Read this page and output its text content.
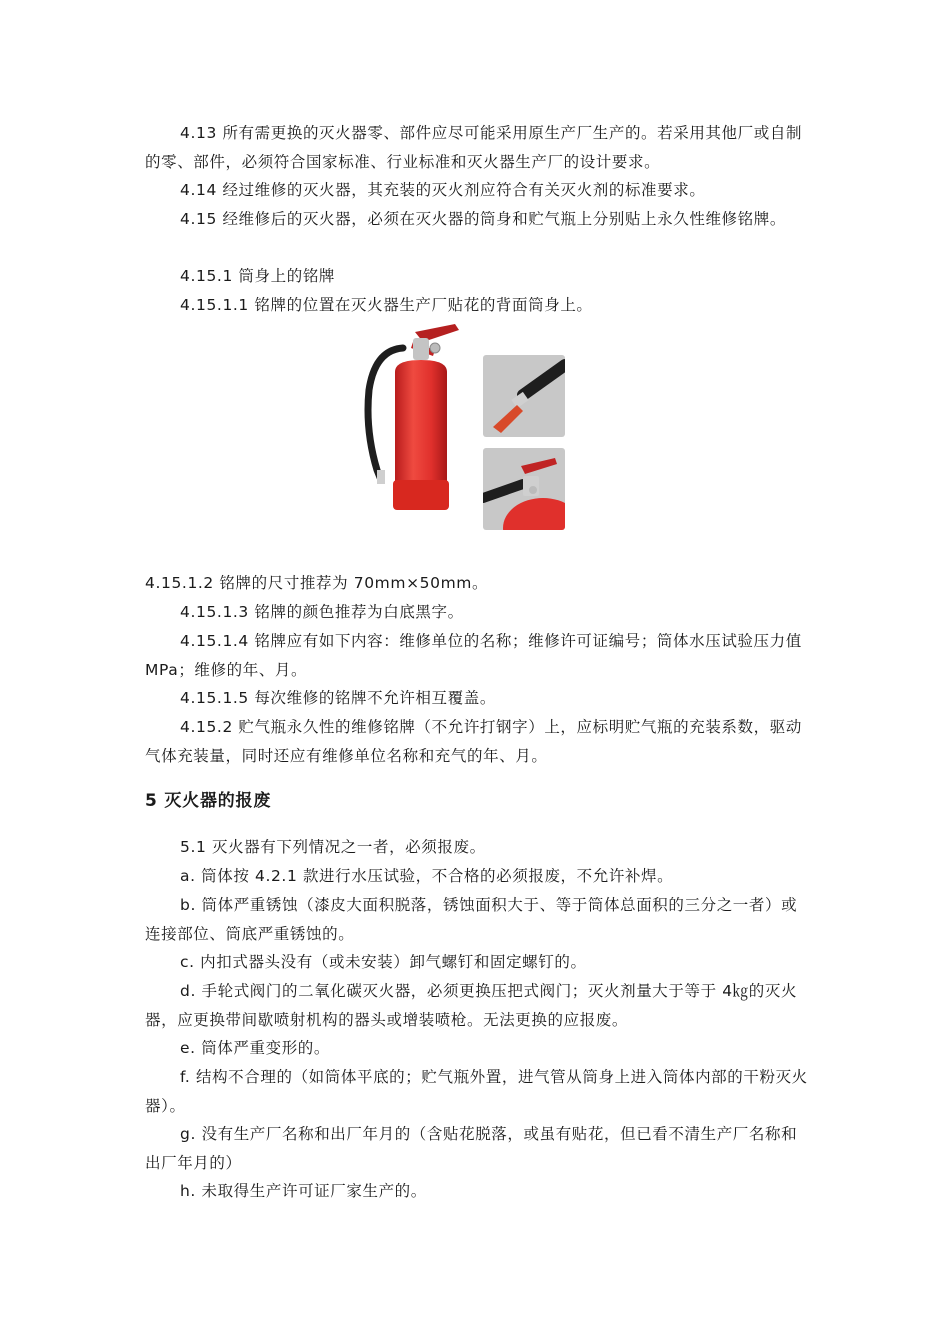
4.13 所有需更换的灭火器零、部件应尽可能采用原生产厂生产的。若采用其他厂或自制的零、部件，必须符合国家标准、行业标准和灭火器生产厂的设计要求。

4.14 经过维修的灭火器，其充装的灭火剂应符合有关灭火剂的标准要求。

4.15 经维修后的灭火器，必须在灭火器的筒身和贮气瓶上分别贴上永久性维修铭牌。

4.15.1 筒身上的铭牌

4.15.1.1 铭牌的位置在灭火器生产厂贴花的背面筒身上。

4.15.1.2 铭牌的尺寸推荐为 70mm×50mm。

4.15.1.3 铭牌的颜色推荐为白底黑字。

4.15.1.4 铭牌应有如下内容：维修单位的名称；维修许可证编号；筒体水压试验压力值 MPa；维修的年、月。

4.15.1.5 每次维修的铭牌不允许相互覆盖。

4.15.2 贮气瓶永久性的维修铭牌（不允许打钢字）上，应标明贮气瓶的充装系数，驱动气体充装量，同时还应有维修单位名称和充气的年、月。

5 灭火器的报废

5.1 灭火器有下列情况之一者，必须报废。

a. 筒体按 4.2.1 款进行水压试验，不合格的必须报废，不允许补焊。

b. 筒体严重锈蚀（漆皮大面积脱落，锈蚀面积大于、等于筒体总面积的三分之一者）或连接部位、筒底严重锈蚀的。

c. 内扣式器头没有（或未安装）卸气螺钉和固定螺钉的。

d. 手轮式阀门的二氧化碳灭火器，必须更换压把式阀门；灭火剂量大于等于 4㎏的灭火器，应更换带间歇喷射机构的器头或增装喷枪。无法更换的应报废。

e. 筒体严重变形的。

f. 结构不合理的（如筒体平底的；贮气瓶外置，进气管从筒身上进入筒体内部的干粉灭火器）。

g. 没有生产厂名称和出厂年月的（含贴花脱落，或虽有贴花，但已看不清生产厂名称和出厂年月的）

h. 未取得生产许可证厂家生产的。
